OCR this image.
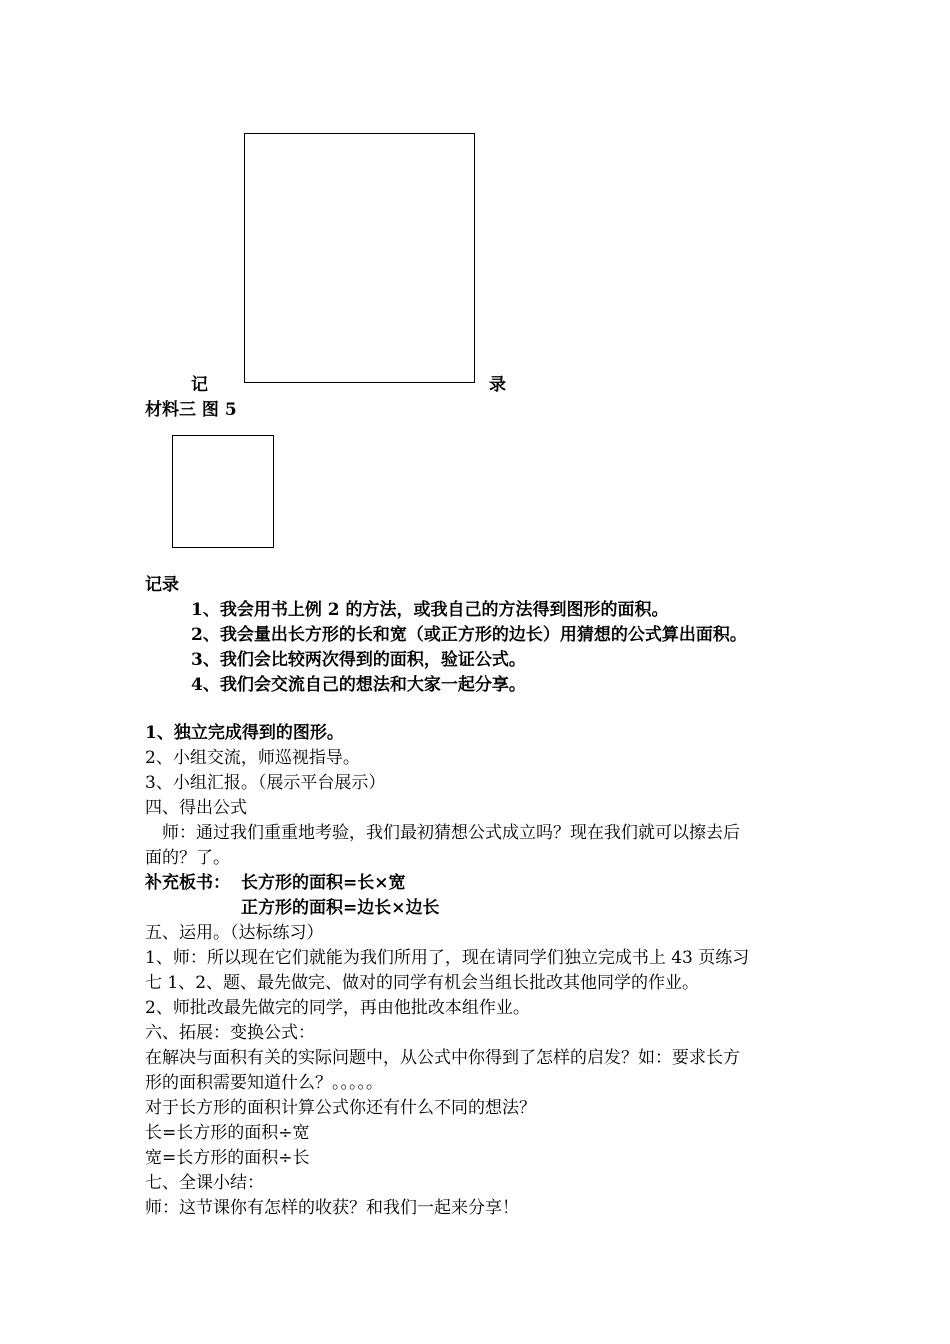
记	录
材料三 图 5
记录
1、我会用书上例 2 的方法，或我自己的方法得到图形的面积。
2、我会量出长方形的长和宽（或正方形的边长）用猜想的公式算出面积。
3、我们会比较两次得到的面积，验证公式。
4、我们会交流自己的想法和大家一起分享。
1、独立完成得到的图形。
2、小组交流，师巡视指导。
3、小组汇报。（展示平台展示）
四、得出公式
师：通过我们重重地考验，我们最初猜想公式成立吗？现在我们就可以擦去后
面的？了。
补充板书： 长方形的面积=长×宽
正方形的面积=边长×边长
五、运用。（达标练习）
1、师：所以现在它们就能为我们所用了，现在请同学们独立完成书上 43 页练习
七 1、2、题、最先做完、做对的同学有机会当组长批改其他同学的作业。
2、师批改最先做完的同学，再由他批改本组作业。
六、拓展：变换公式：
在解决与面积有关的实际问题中，从公式中你得到了怎样的启发？如：要求长方
形的面积需要知道什么？。。。。。
对于长方形的面积计算公式你还有什么不同的想法？
长=长方形的面积÷宽
宽=长方形的面积÷长
七、全课小结：
师：这节课你有怎样的收获？和我们一起来分享！
